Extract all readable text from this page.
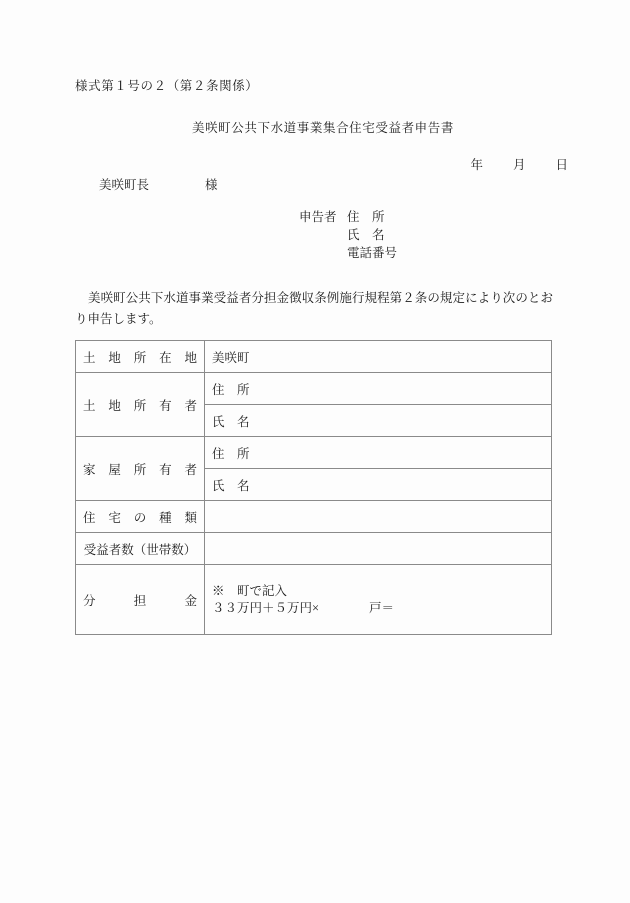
様式第１号の２（第２条関係）
美咲町公共下水道事業集合住宅受益者申告書
年 月 日
美咲町長	様
申告者 住　所
氏　名
電話番号
美咲町公共下水道事業受益者分担金徴収条例施行規程第２条の規定により次のとおり申告します。
土地所在地	美咲町

土地所有者	住　所
	氏　名

家屋所有者	住　所
	氏　名

住宅の種類	

受益者数（世帯数）	

分担金	※　町で記入
３３万円＋５万円×　　　　戸＝
